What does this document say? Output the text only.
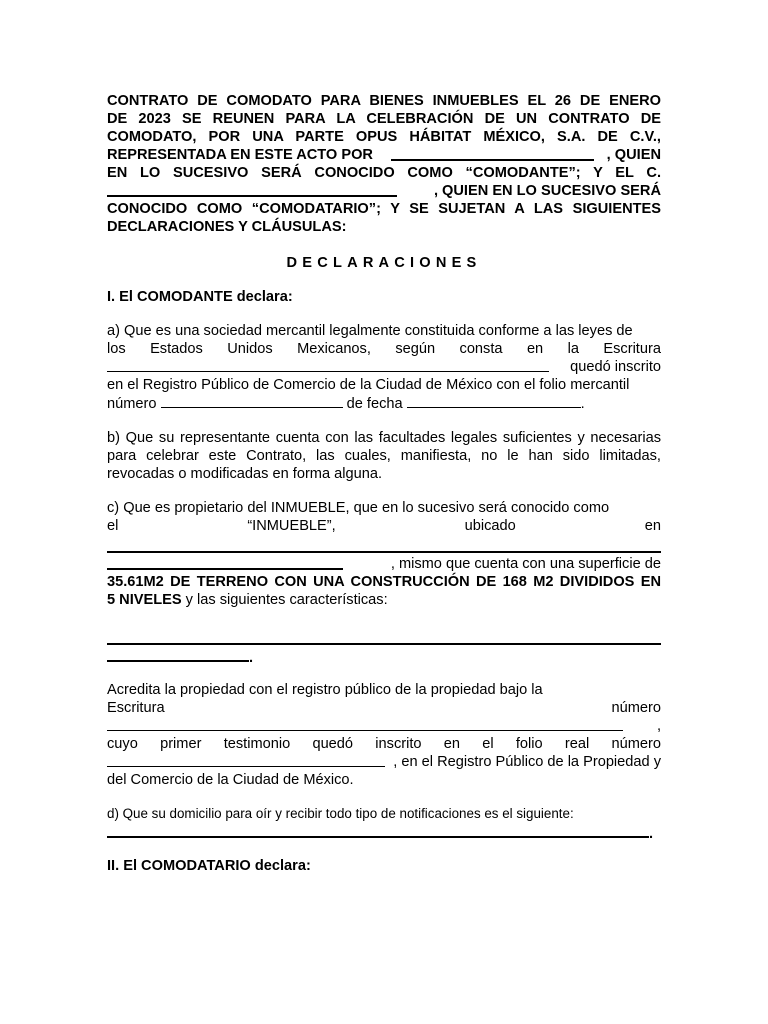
CONTRATO DE COMODATO PARA BIENES INMUEBLES EL 26 DE ENERO
DE 2023 SE REUNEN PARA LA CELEBRACIÓN DE UN CONTRATO DE
COMODATO, POR UNA PARTE OPUS HÁBITAT MÉXICO, S.A. DE C.V.,
REPRESENTADA EN ESTE ACTO POR	, QUIEN
EN LO SUCESIVO SERÁ CONOCIDO COMO “COMODANTE”; Y EL C.
, QUIEN EN LO SUCESIVO SERÁ
CONOCIDO COMO “COMODATARIO”; Y SE SUJETAN A LAS SIGUIENTES
DECLARACIONES Y CLÁUSULAS:
DECLARACIONES
I. El COMODANTE declara:
a) Que es una sociedad mercantil legalmente constituida conforme a las leyes de
los Estados Unidos Mexicanos, según consta en la Escritura
quedó inscrito
en el Registro Público de Comercio de la Ciudad de México con el folio mercantil
número	de fecha	.
b) Que su representante cuenta con las facultades legales suficientes y necesarias para celebrar este Contrato, las cuales, manifiesta, no le han sido limitadas, revocadas o modificadas en forma alguna.
c) Que es propietario del INMUEBLE, que en lo sucesivo será conocido como
el	“INMUEBLE”,	ubicado	en
, mismo que cuenta con una superficie de
35.61M2 DE TERRENO CON UNA CONSTRUCCIÓN DE 168 M2 DIVIDIDOS EN
5 NIVELES y las siguientes características:
.
Acredita la propiedad con el registro público de la propiedad bajo la
Escritura	número
,
cuyo primer testimonio quedó inscrito en el folio real número
, en el Registro Público de la Propiedad y
del Comercio de la Ciudad de México.
d) Que su domicilio para oír y recibir todo tipo de notificaciones es el siguiente:
.
II. El COMODATARIO declara:
